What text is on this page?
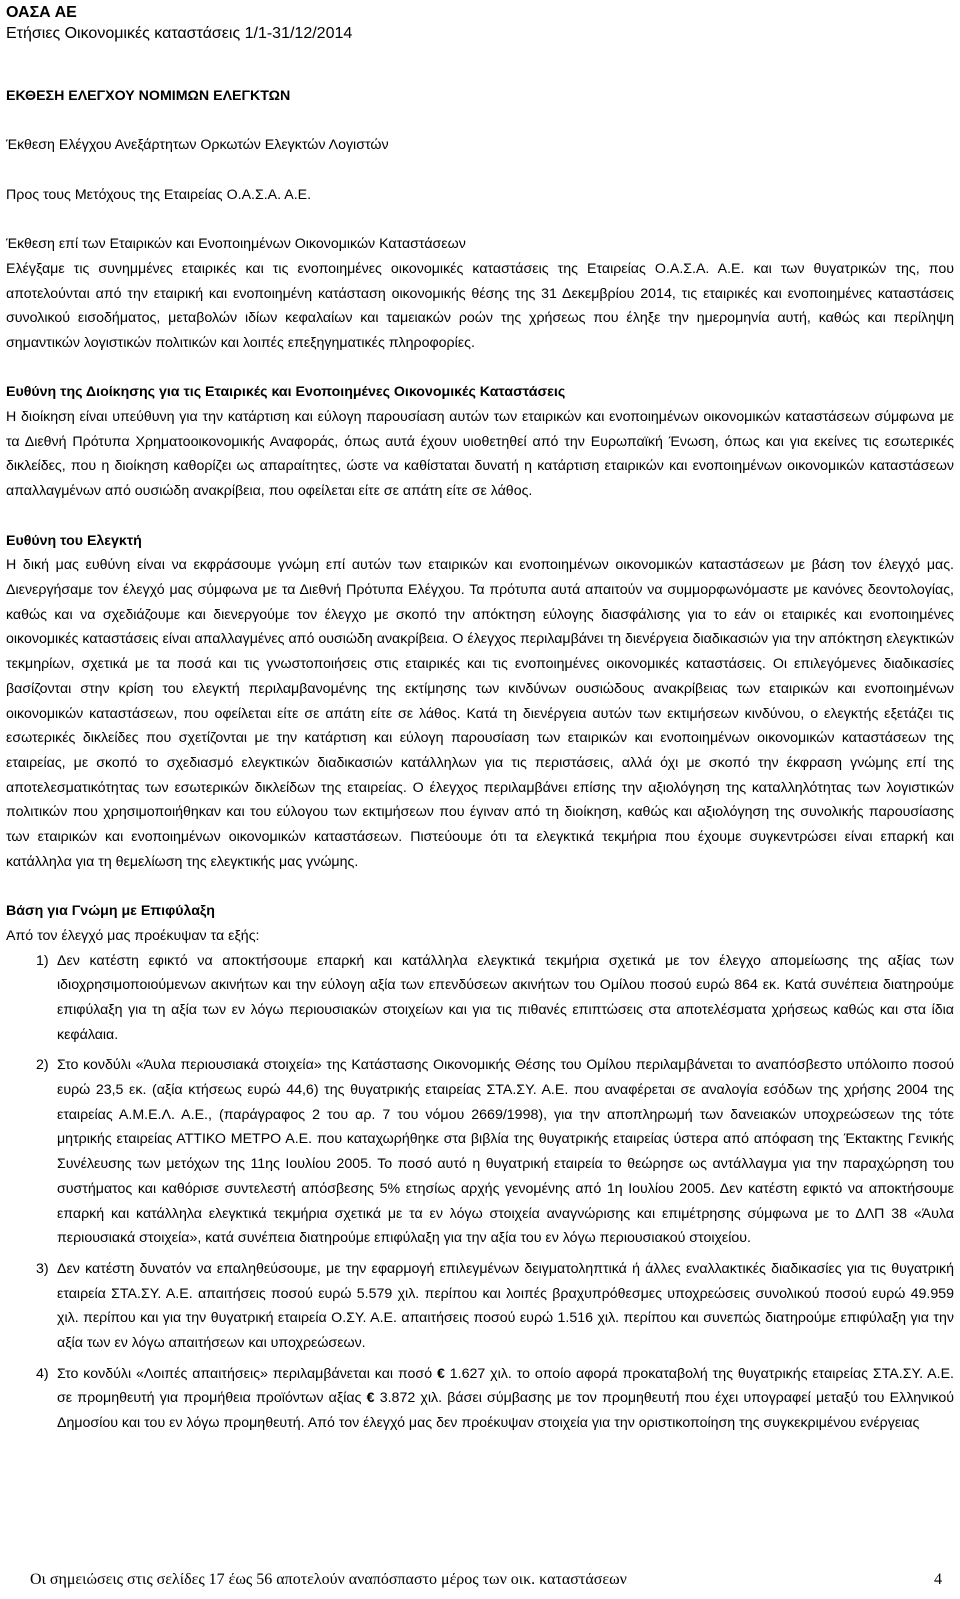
ΟΑΣΑ ΑΕ
Ετήσιες Οικονομικές καταστάσεις 1/1-31/12/2014

ΕΚΘΕΣΗ ΕΛΕΓΧΟΥ ΝΟΜΙΜΩΝ ΕΛΕΓΚΤΩΝ

Έκθεση Ελέγχου Ανεξάρτητων Ορκωτών Ελεγκτών Λογιστών

Προς τους Μετόχους της Εταιρείας Ο.Α.Σ.Α. Α.Ε.

Έκθεση επί των Εταιρικών και Ενοποιημένων Οικονομικών Καταστάσεων

Ελέγξαμε τις συνημμένες εταιρικές και τις ενοποιημένες οικονομικές καταστάσεις της Εταιρείας Ο.Α.Σ.Α. Α.Ε. και των θυγατρικών της, που αποτελούνται από την εταιρική και ενοποιημένη κατάσταση οικονομικής θέσης της 31 Δεκεμβρίου 2014, τις εταιρικές και ενοποιημένες καταστάσεις συνολικού εισοδήματος, μεταβολών ιδίων κεφαλαίων και ταμειακών ροών της χρήσεως που έληξε την ημερομηνία αυτή, καθώς και περίληψη σημαντικών λογιστικών πολιτικών και λοιπές επεξηγηματικές πληροφορίες.

Ευθύνη της Διοίκησης για τις Εταιρικές και Ενοποιημένες Οικονομικές Καταστάσεις

Η διοίκηση είναι υπεύθυνη για την κατάρτιση και εύλογη παρουσίαση αυτών των εταιρικών και ενοποιημένων οικονομικών καταστάσεων σύμφωνα με τα Διεθνή Πρότυπα Χρηματοοικονομικής Αναφοράς, όπως αυτά έχουν υιοθετηθεί από την Ευρωπαϊκή Ένωση, όπως και για εκείνες τις εσωτερικές δικλείδες, που η διοίκηση καθορίζει ως απαραίτητες, ώστε να καθίσταται δυνατή η κατάρτιση εταιρικών και ενοποιημένων οικονομικών καταστάσεων απαλλαγμένων από ουσιώδη ανακρίβεια, που οφείλεται είτε σε απάτη είτε σε λάθος.

Ευθύνη του Ελεγκτή

Η δική μας ευθύνη είναι να εκφράσουμε γνώμη επί αυτών των εταιρικών και ενοποιημένων οικονομικών καταστάσεων με βάση τον έλεγχό μας. Διενεργήσαμε τον έλεγχό μας σύμφωνα με τα Διεθνή Πρότυπα Ελέγχου. Τα πρότυπα αυτά απαιτούν να συμμορφωνόμαστε με κανόνες δεοντολογίας, καθώς και να σχεδιάζουμε και διενεργούμε τον έλεγχο με σκοπό την απόκτηση εύλογης διασφάλισης για το εάν οι εταιρικές και ενοποιημένες οικονομικές καταστάσεις είναι απαλλαγμένες από ουσιώδη ανακρίβεια. Ο έλεγχος περιλαμβάνει τη διενέργεια διαδικασιών για την απόκτηση ελεγκτικών τεκμηρίων, σχετικά με τα ποσά και τις γνωστοποιήσεις στις εταιρικές και τις ενοποιημένες οικονομικές καταστάσεις. Οι επιλεγόμενες διαδικασίες βασίζονται στην κρίση του ελεγκτή περιλαμβανομένης της εκτίμησης των κινδύνων ουσιώδους ανακρίβειας των εταιρικών και ενοποιημένων οικονομικών καταστάσεων, που οφείλεται είτε σε απάτη είτε σε λάθος. Κατά τη διενέργεια αυτών των εκτιμήσεων κινδύνου, ο ελεγκτής εξετάζει τις εσωτερικές δικλείδες που σχετίζονται με την κατάρτιση και εύλογη παρουσίαση των εταιρικών και ενοποιημένων οικονομικών καταστάσεων της εταιρείας, με σκοπό το σχεδιασμό ελεγκτικών διαδικασιών κατάλληλων για τις περιστάσεις, αλλά όχι με σκοπό την έκφραση γνώμης επί της αποτελεσματικότητας των εσωτερικών δικλείδων της εταιρείας. Ο έλεγχος περιλαμβάνει επίσης την αξιολόγηση της καταλληλότητας των λογιστικών πολιτικών που χρησιμοποιήθηκαν και του εύλογου των εκτιμήσεων που έγιναν από τη διοίκηση, καθώς και αξιολόγηση της συνολικής παρουσίασης των εταιρικών και ενοποιημένων οικονομικών καταστάσεων. Πιστεύουμε ότι τα ελεγκτικά τεκμήρια που έχουμε συγκεντρώσει είναι επαρκή και κατάλληλα για τη θεμελίωση της ελεγκτικής μας γνώμης.

Βάση για Γνώμη με Επιφύλαξη

Από τον έλεγχό μας προέκυψαν τα εξής:

1) Δεν κατέστη εφικτό να αποκτήσουμε επαρκή και κατάλληλα ελεγκτικά τεκμήρια σχετικά με τον έλεγχο απομείωσης της αξίας των ιδιοχρησιμοποιούμενων ακινήτων και την εύλογη αξία των επενδύσεων ακινήτων του Ομίλου ποσού ευρώ 864 εκ. Κατά συνέπεια διατηρούμε επιφύλαξη για τη αξία των εν λόγω περιουσιακών στοιχείων και για τις πιθανές επιπτώσεις στα αποτελέσματα χρήσεως καθώς και στα ίδια κεφάλαια.
2) Στο κονδύλι «Άυλα περιουσιακά στοιχεία» της Κατάστασης Οικονομικής Θέσης του Ομίλου περιλαμβάνεται το αναπόσβεστο υπόλοιπο ποσού ευρώ 23,5 εκ. (αξία κτήσεως ευρώ 44,6) της θυγατρικής εταιρείας ΣΤΑ.ΣΥ. Α.Ε. που αναφέρεται σε αναλογία εσόδων της χρήσης 2004 της εταιρείας Α.Μ.Ε.Λ. Α.Ε., (παράγραφος 2 του αρ. 7 του νόμου 2669/1998), για την αποπληρωμή των δανειακών υποχρεώσεων της τότε μητρικής εταιρείας ΑΤΤΙΚΟ ΜΕΤΡΟ Α.Ε. που καταχωρήθηκε στα βιβλία της θυγατρικής εταιρείας ύστερα από απόφαση της Έκτακτης Γενικής Συνέλευσης των μετόχων της 11ης Ιουλίου 2005. Το ποσό αυτό η θυγατρική εταιρεία το θεώρησε ως αντάλλαγμα για την παραχώρηση του συστήματος και καθόρισε συντελεστή απόσβεσης 5% ετησίως αρχής γενομένης από 1η Ιουλίου 2005. Δεν κατέστη εφικτό να αποκτήσουμε επαρκή και κατάλληλα ελεγκτικά τεκμήρια σχετικά με τα εν λόγω στοιχεία αναγνώρισης και επιμέτρησης σύμφωνα με το ΔΛΠ 38 «Άυλα περιουσιακά στοιχεία», κατά συνέπεια διατηρούμε επιφύλαξη για την αξία του εν λόγω περιουσιακού στοιχείου.
3) Δεν κατέστη δυνατόν να επαληθεύσουμε, με την εφαρμογή επιλεγμένων δειγματοληπτικά ή άλλες εναλλακτικές διαδικασίες για τις θυγατρική εταιρεία ΣΤΑ.ΣΥ. Α.Ε. απαιτήσεις ποσού ευρώ 5.579 χιλ. περίπου και λοιπές βραχυπρόθεσμες υποχρεώσεις συνολικού ποσού ευρώ 49.959 χιλ. περίπου και για την θυγατρική εταιρεία Ο.ΣΥ. Α.Ε. απαιτήσεις ποσού ευρώ 1.516 χιλ. περίπου και συνεπώς διατηρούμε επιφύλαξη για την αξία των εν λόγω απαιτήσεων και υποχρεώσεων.
4) Στο κονδύλι «Λοιπές απαιτήσεις» περιλαμβάνεται και ποσό € 1.627 χιλ. το οποίο αφορά προκαταβολή της θυγατρικής εταιρείας ΣΤΑ.ΣΥ. Α.Ε. σε προμηθευτή για προμήθεια προϊόντων αξίας € 3.872 χιλ. βάσει σύμβασης με τον προμηθευτή που έχει υπογραφεί μεταξύ του Ελληνικού Δημοσίου και του εν λόγω προμηθευτή. Από τον έλεγχό μας δεν προέκυψαν στοιχεία για την οριστικοποίηση της συγκεκριμένου ενέργειας
Οι σημειώσεις στις σελίδες 17 έως 56 αποτελούν αναπόσπαστο μέρος των οικ. καταστάσεων	4
